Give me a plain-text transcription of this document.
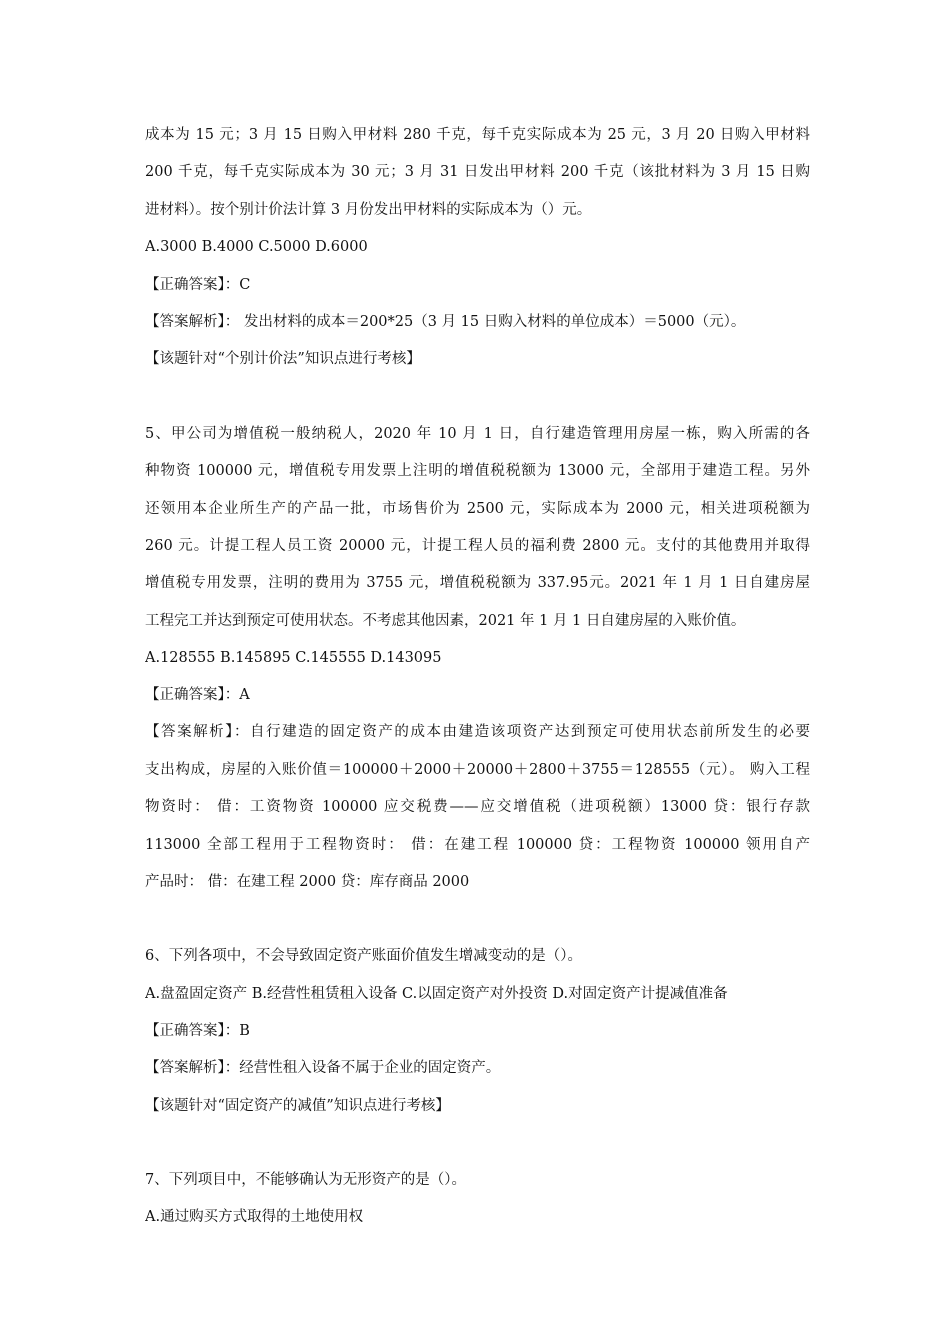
成本为 15 元；3 月 15 日购入甲材料 280 千克，每千克实际成本为 25 元，3 月 20 日购入甲材料
200 千克，每千克实际成本为 30 元；3 月 31 日发出甲材料 200 千克（该批材料为 3 月 15 日购
进材料）。按个别计价法计算 3 月份发出甲材料的实际成本为（）元。
A.3000 B.4000 C.5000 D.6000
【正确答案】：C
【答案解析】： 发出材料的成本＝200*25（3 月 15 日购入材料的单位成本）＝5000（元）。
【该题针对“个别计价法”知识点进行考核】
5、甲公司为增值税一般纳税人，2020 年 10 月 1 日，自行建造管理用房屋一栋，购入所需的各
种物资 100000 元，增值税专用发票上注明的增值税税额为 13000 元，全部用于建造工程。另外
还领用本企业所生产的产品一批，市场售价为 2500 元，实际成本为 2000 元，相关进项税额为
260 元。计提工程人员工资 20000 元，计提工程人员的福利费 2800 元。支付的其他费用并取得
增值税专用发票，注明的费用为 3755 元，增值税税额为 337.95元。2021 年 1 月 1 日自建房屋
工程完工并达到预定可使用状态。不考虑其他因素，2021 年 1 月 1 日自建房屋的入账价值。
A.128555 B.145895 C.145555 D.143095
【正确答案】：A
【答案解析】：自行建造的固定资产的成本由建造该项资产达到预定可使用状态前所发生的必要
支出构成，房屋的入账价值＝100000＋2000＋20000＋2800＋3755＝128555（元）。 购入工程
物资时： 借：工资物资 100000 应交税费——应交增值税（进项税额）13000 贷：银行存款
113000 全部工程用于工程物资时： 借：在建工程 100000 贷：工程物资 100000 领用自产
产品时： 借：在建工程 2000 贷：库存商品 2000
6、下列各项中，不会导致固定资产账面价值发生增减变动的是（）。
A.盘盈固定资产 B.经营性租赁租入设备 C.以固定资产对外投资 D.对固定资产计提减值准备
【正确答案】：B
【答案解析】：经营性租入设备不属于企业的固定资产。
【该题针对“固定资产的减值”知识点进行考核】
7、下列项目中，不能够确认为无形资产的是（）。
A.通过购买方式取得的土地使用权
